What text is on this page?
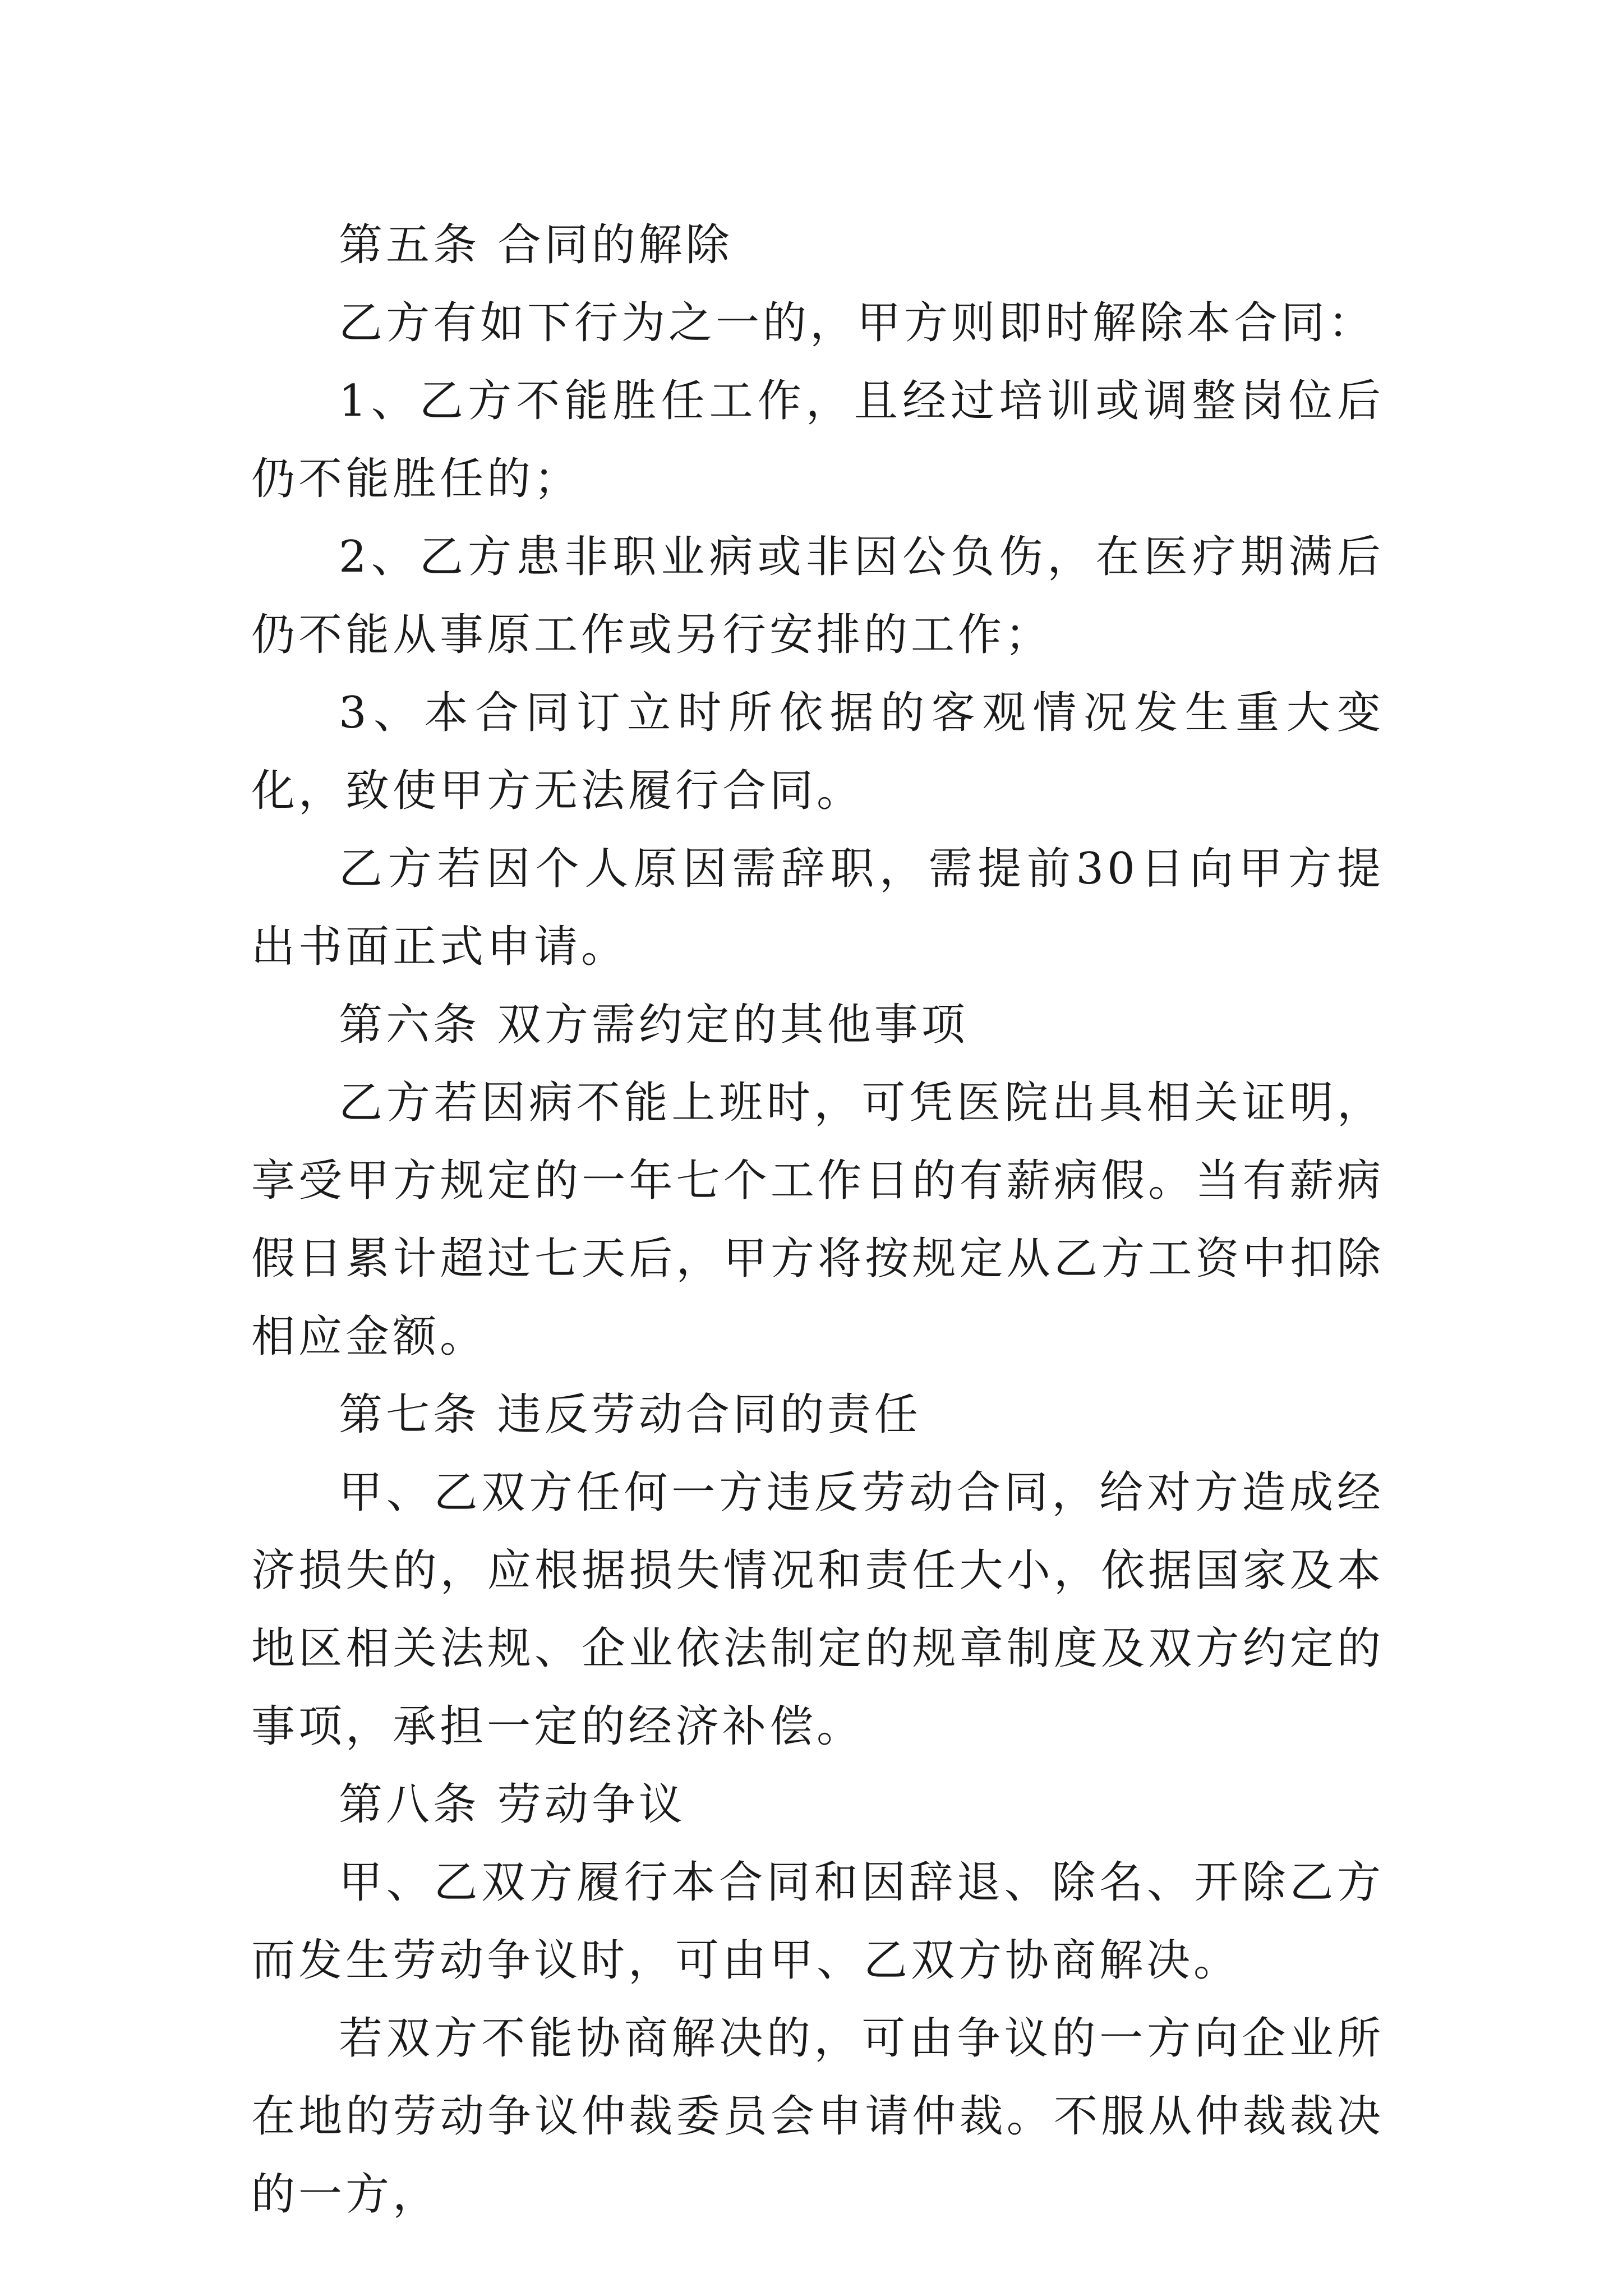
第五条 合同的解除

乙方有如下行为之一的，甲方则即时解除本合同：

1、乙方不能胜任工作，且经过培训或调整岗位后仍不能胜任的；

2、乙方患非职业病或非因公负伤，在医疗期满后仍不能从事原工作或另行安排的工作；

3、本合同订立时所依据的客观情况发生重大变化，致使甲方无法履行合同。

乙方若因个人原因需辞职，需提前30日向甲方提出书面正式申请。

第六条 双方需约定的其他事项

乙方若因病不能上班时，可凭医院出具相关证明，享受甲方规定的一年七个工作日的有薪病假。当有薪病假日累计超过七天后，甲方将按规定从乙方工资中扣除相应金额。

第七条 违反劳动合同的责任

甲、乙双方任何一方违反劳动合同，给对方造成经济损失的，应根据损失情况和责任大小，依据国家及本地区相关法规、企业依法制定的规章制度及双方约定的事项，承担一定的经济补偿。

第八条 劳动争议

甲、乙双方履行本合同和因辞退、除名、开除乙方而发生劳动争议时，可由甲、乙双方协商解决。

若双方不能协商解决的，可由争议的一方向企业所在地的劳动争议仲裁委员会申请仲裁。不服从仲裁裁决的一方，
